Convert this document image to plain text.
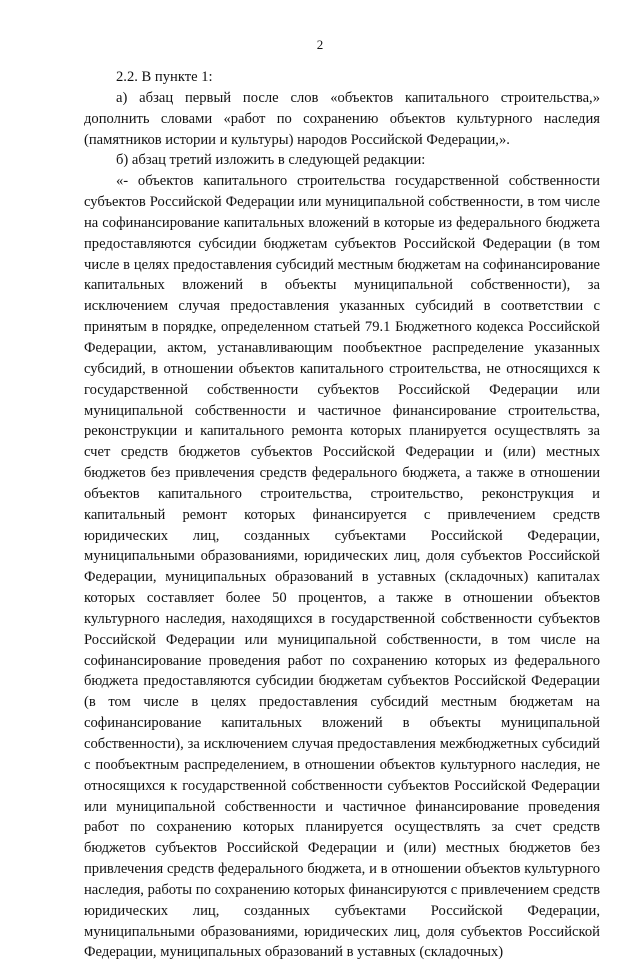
2

2.2. В пункте 1:

а) абзац первый после слов «объектов капитального строительства,» дополнить словами «работ по сохранению объектов культурного наследия (памятников истории и культуры) народов Российской Федерации,».

б) абзац третий изложить в следующей редакции:

«- объектов капитального строительства государственной собственности субъектов Российской Федерации или муниципальной собственности, в том числе на софинансирование капитальных вложений в которые из федерального бюджета предоставляются субсидии бюджетам субъектов Российской Федерации (в том числе в целях предоставления субсидий местным бюджетам на софинансирование капитальных вложений в объекты муниципальной собственности), за исключением случая предоставления указанных субсидий в соответствии с принятым в порядке, определенном статьей 79.1 Бюджетного кодекса Российской Федерации, актом, устанавливающим пообъектное распределение указанных субсидий, в отношении объектов капитального строительства, не относящихся к государственной собственности субъектов Российской Федерации или муниципальной собственности и частичное финансирование строительства, реконструкции и капитального ремонта которых планируется осуществлять за счет средств бюджетов субъектов Российской Федерации и (или) местных бюджетов без привлечения средств федерального бюджета, а также в отношении объектов капитального строительства, строительство, реконструкция и капитальный ремонт которых финансируется с привлечением средств юридических лиц, созданных субъектами Российской Федерации, муниципальными образованиями, юридических лиц, доля субъектов Российской Федерации, муниципальных образований в уставных (складочных) капиталах которых составляет более 50 процентов, а также в отношении объектов культурного наследия, находящихся в государственной собственности субъектов Российской Федерации или муниципальной собственности, в том числе на софинансирование проведения работ по сохранению которых из федерального бюджета предоставляются субсидии бюджетам субъектов Российской Федерации (в том числе в целях предоставления субсидий местным бюджетам на софинансирование капитальных вложений в объекты муниципальной собственности), за исключением случая предоставления межбюджетных субсидий с пообъектным распределением, в отношении объектов культурного наследия, не относящихся к государственной собственности субъектов Российской Федерации или муниципальной собственности и частичное финансирование проведения работ по сохранению которых планируется осуществлять за счет средств бюджетов субъектов Российской Федерации и (или) местных бюджетов без привлечения средств федерального бюджета, и в отношении объектов культурного наследия, работы по сохранению которых финансируются с привлечением средств юридических лиц, созданных субъектами Российской Федерации, муниципальными образованиями, юридических лиц, доля субъектов Российской Федерации, муниципальных образований в уставных (складочных)
